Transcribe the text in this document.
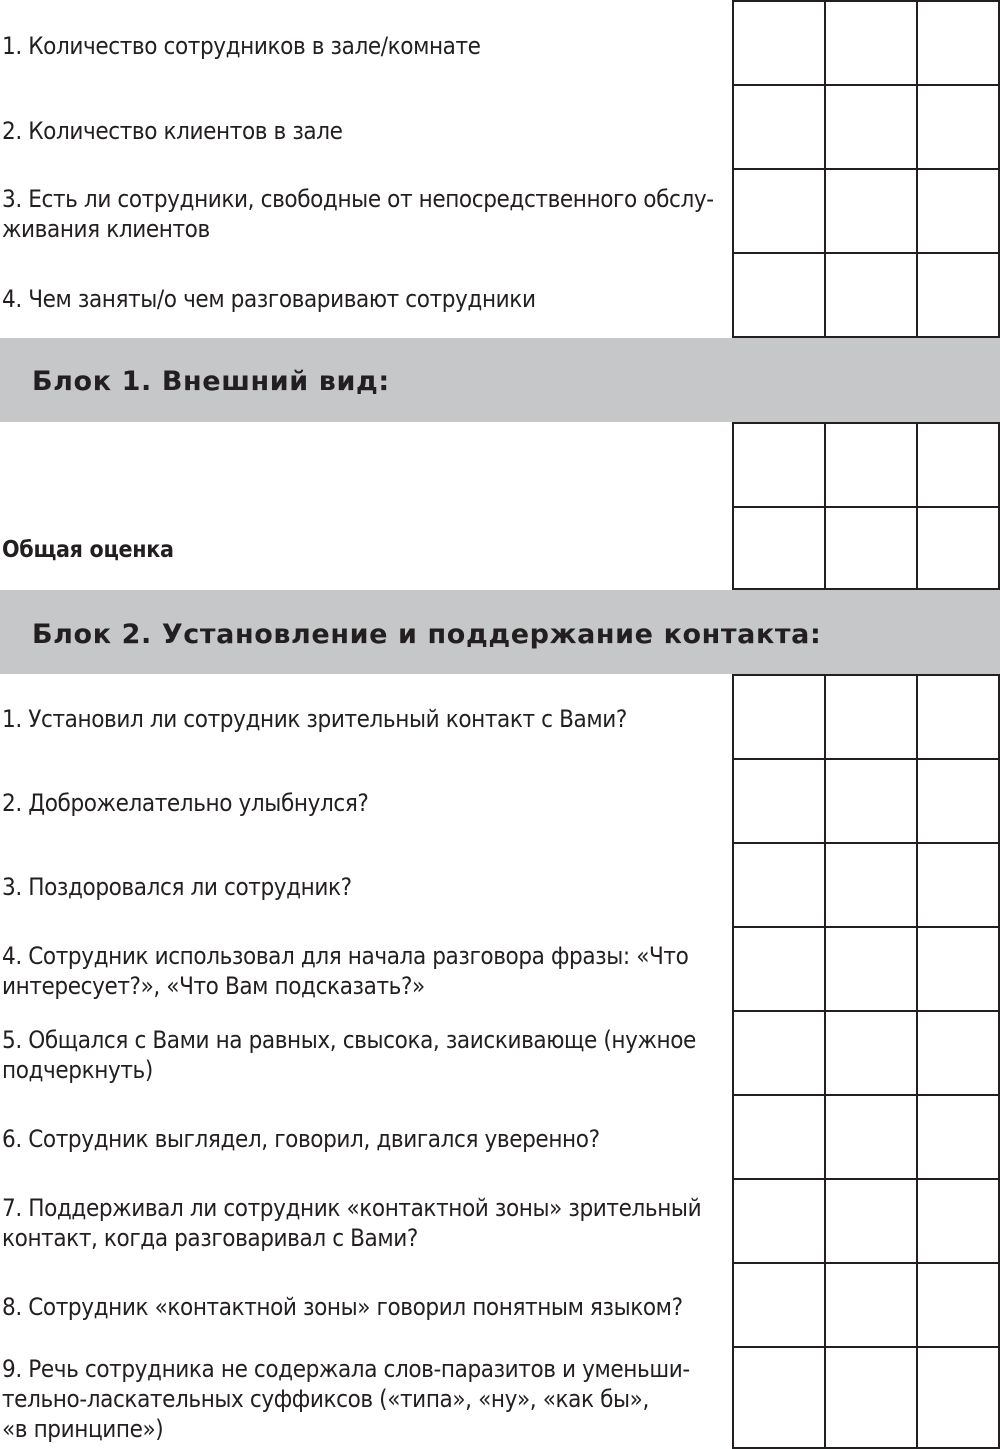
1. Количество сотрудников в зале/комнате
2. Количество клиентов в зале
3. Есть ли сотрудники, свободные от непосредственного обслу-
живания клиентов
4. Чем заняты/о чем разговаривают сотрудники
Блок 1. Внешний вид:
Общая оценка
Блок 2. Установление и поддержание контакта:
1. Установил ли сотрудник зрительный контакт с Вами?
2. Доброжелательно улыбнулся?
3. Поздоровался ли сотрудник?
4. Сотрудник использовал для начала разговора фразы: «Что
интересует?», «Что Вам подсказать?»
5. Общался с Вами на равных, свысока, заискивающе (нужное
подчеркнуть)
6. Сотрудник выглядел, говорил, двигался уверенно?
7. Поддерживал ли сотрудник «контактной зоны» зрительный
контакт, когда разговаривал с Вами?
8. Сотрудник «контактной зоны» говорил понятным языком?
9. Речь сотрудника не содержала слов-паразитов и уменьши-
тельно-ласкательных суффиксов («типа», «ну», «как бы»,
«в принципе»)
